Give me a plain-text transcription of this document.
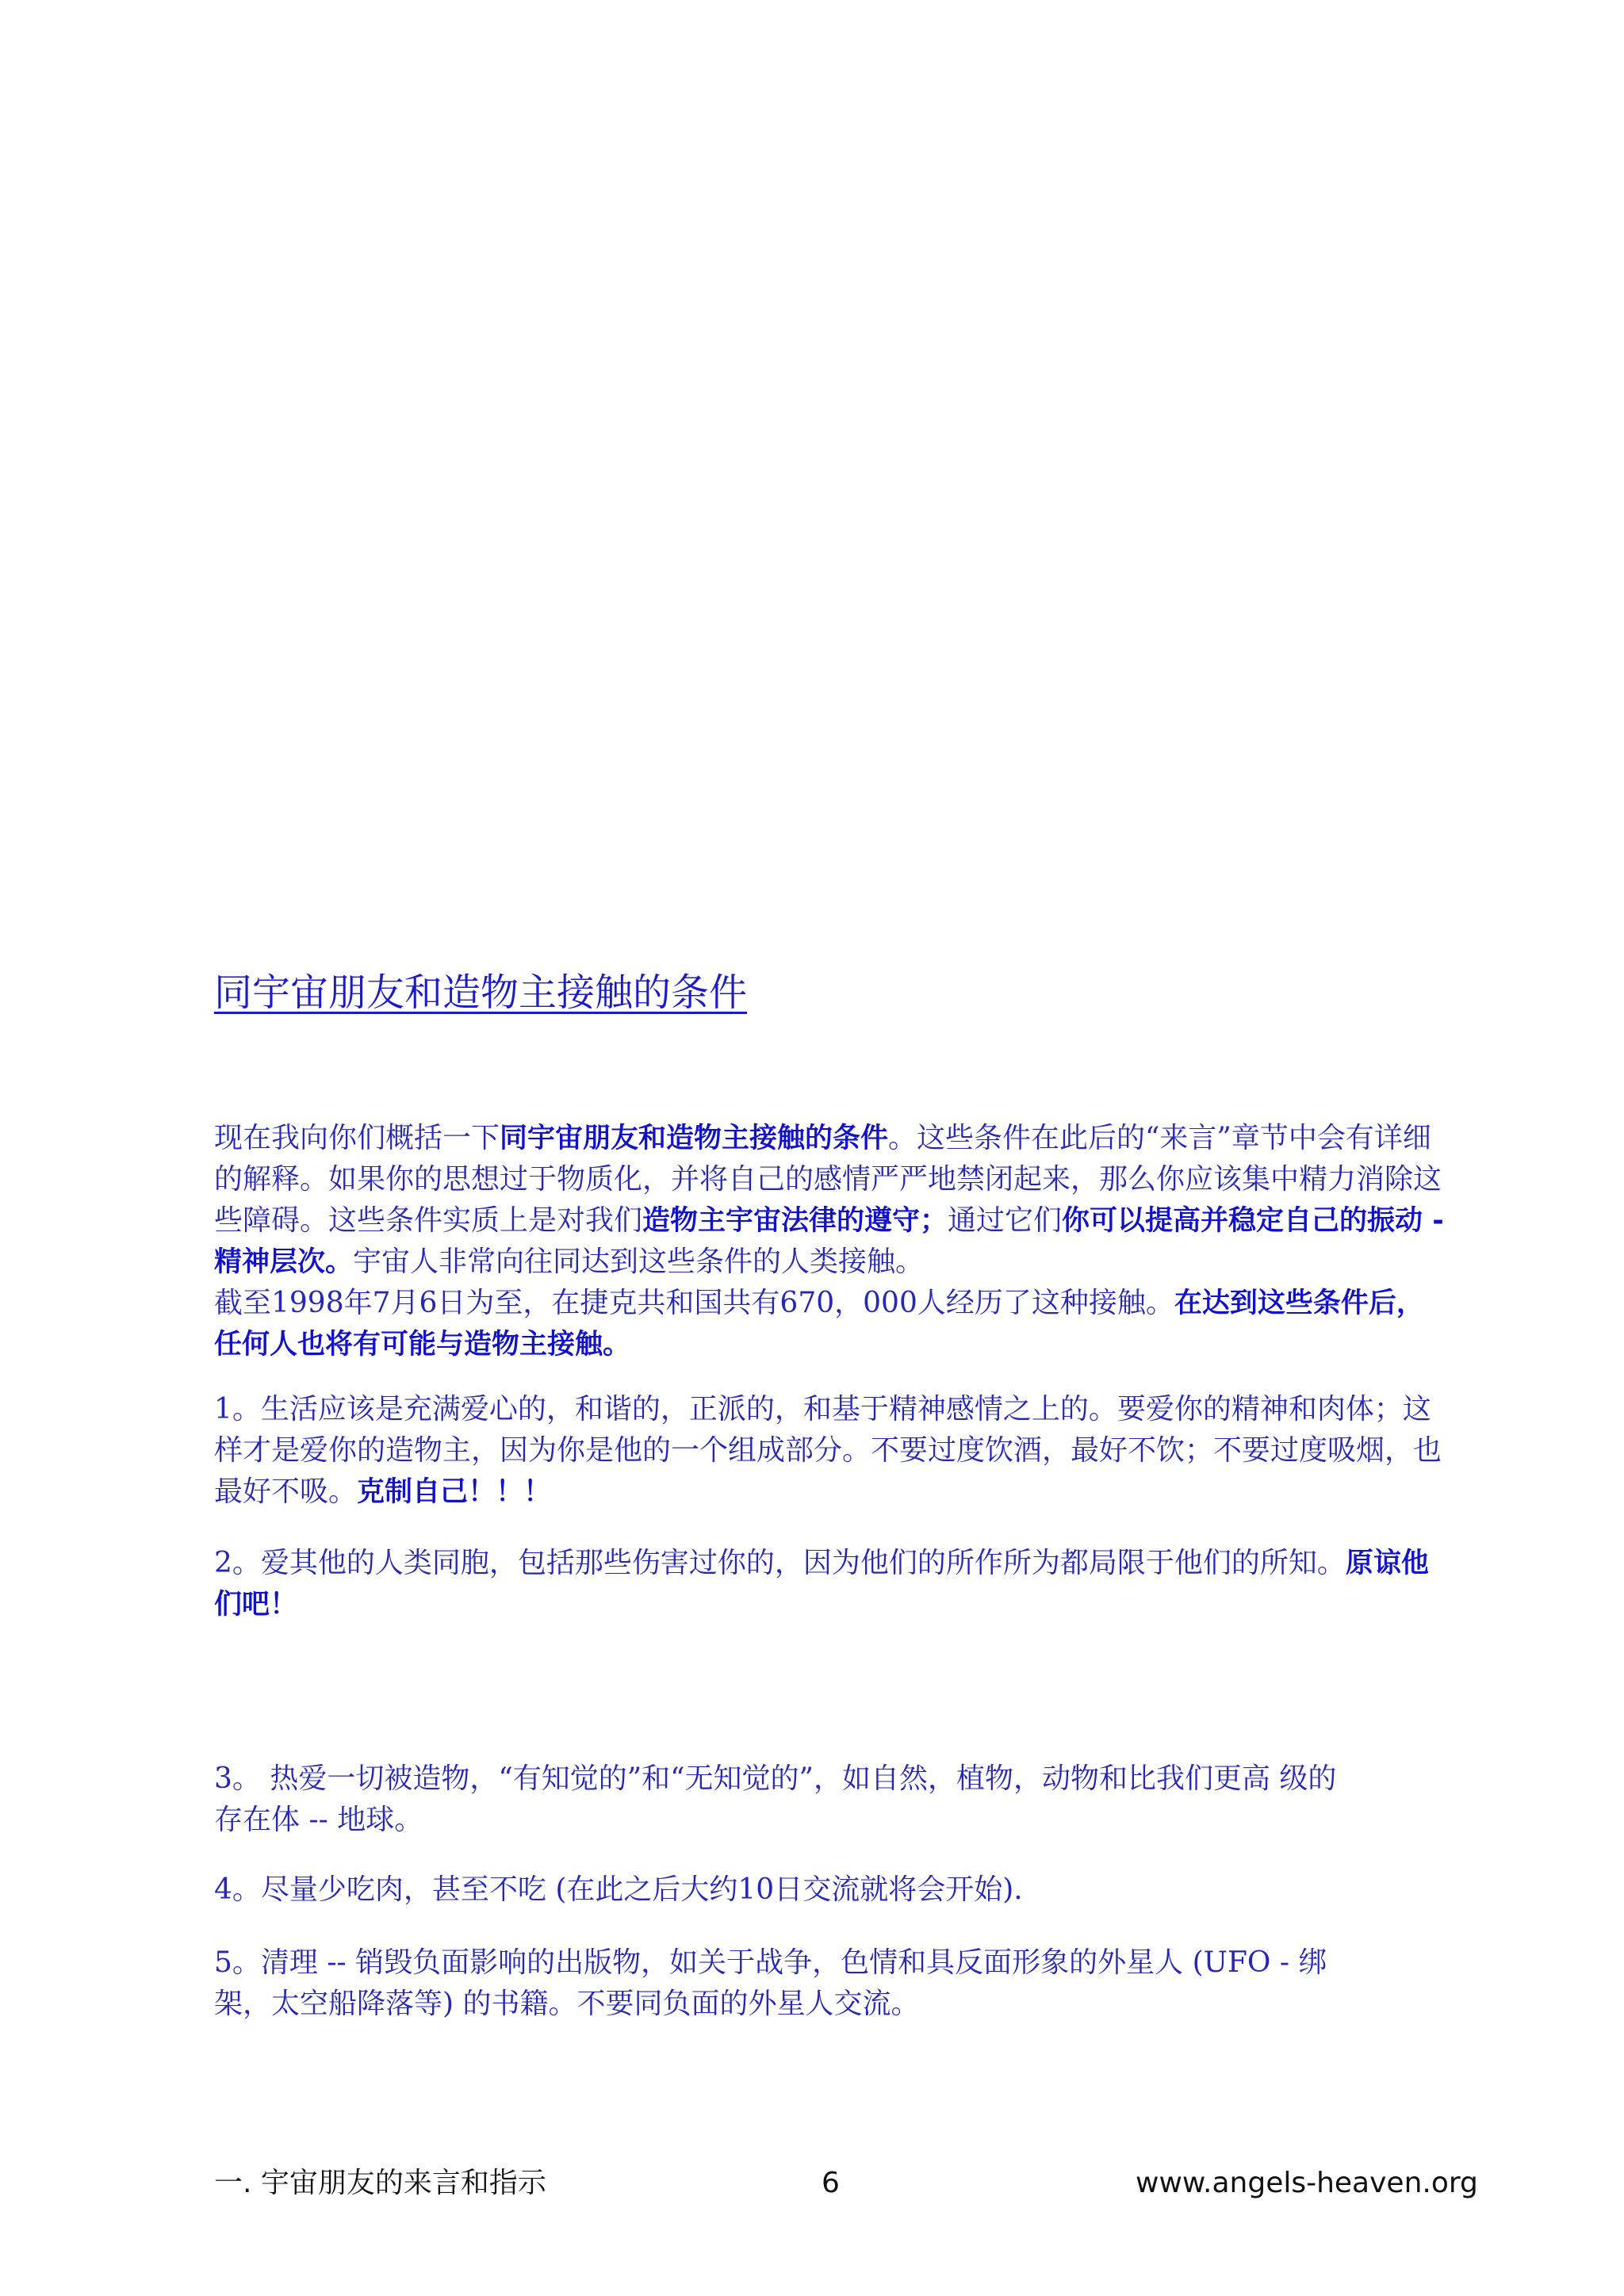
同宇宙朋友和造物主接触的条件

现在我向你们概括一下同宇宙朋友和造物主接触的条件。这些条件在此后的“来言”章节中会有详细的解释。如果你的思想过于物质化，并将自己的感情严严地禁闭起来，那么你应该集中精力消除这些障碍。这些条件实质上是对我们造物主宇宙法律的遵守；通过它们你可以提高并稳定自己的振动 - 精神层次。宇宙人非常向往同达到这些条件的人类接触。
截至1998年7月6日为至，在捷克共和国共有670，000人经历了这种接触。在达到这些条件后，任何人也将有可能与造物主接触。

1。生活应该是充满爱心的，和谐的，正派的，和基于精神感情之上的。要爱你的精神和肉体；这样才是爱你的造物主，因为你是他的一个组成部分。不要过度饮酒，最好不饮；不要过度吸烟，也最好不吸。克制自己！！！

2。爱其他的人类同胞，包括那些伤害过你的，因为他们的所作所为都局限于他们的所知。原谅他们吧！

3。 热爱一切被造物，“有知觉的”和“无知觉的”，如自然，植物，动物和比我们更高 级的存在体 -- 地球。

4。尽量少吃肉，甚至不吃 (在此之后大约10日交流就将会开始).

5。清理 -- 销毁负面影响的出版物，如关于战争，色情和具反面形象的外星人 (UFO - 绑架，太空船降落等) 的书籍。不要同负面的外星人交流。

一. 宇宙朋友的来言和指示	6	www.angels-heaven.org
